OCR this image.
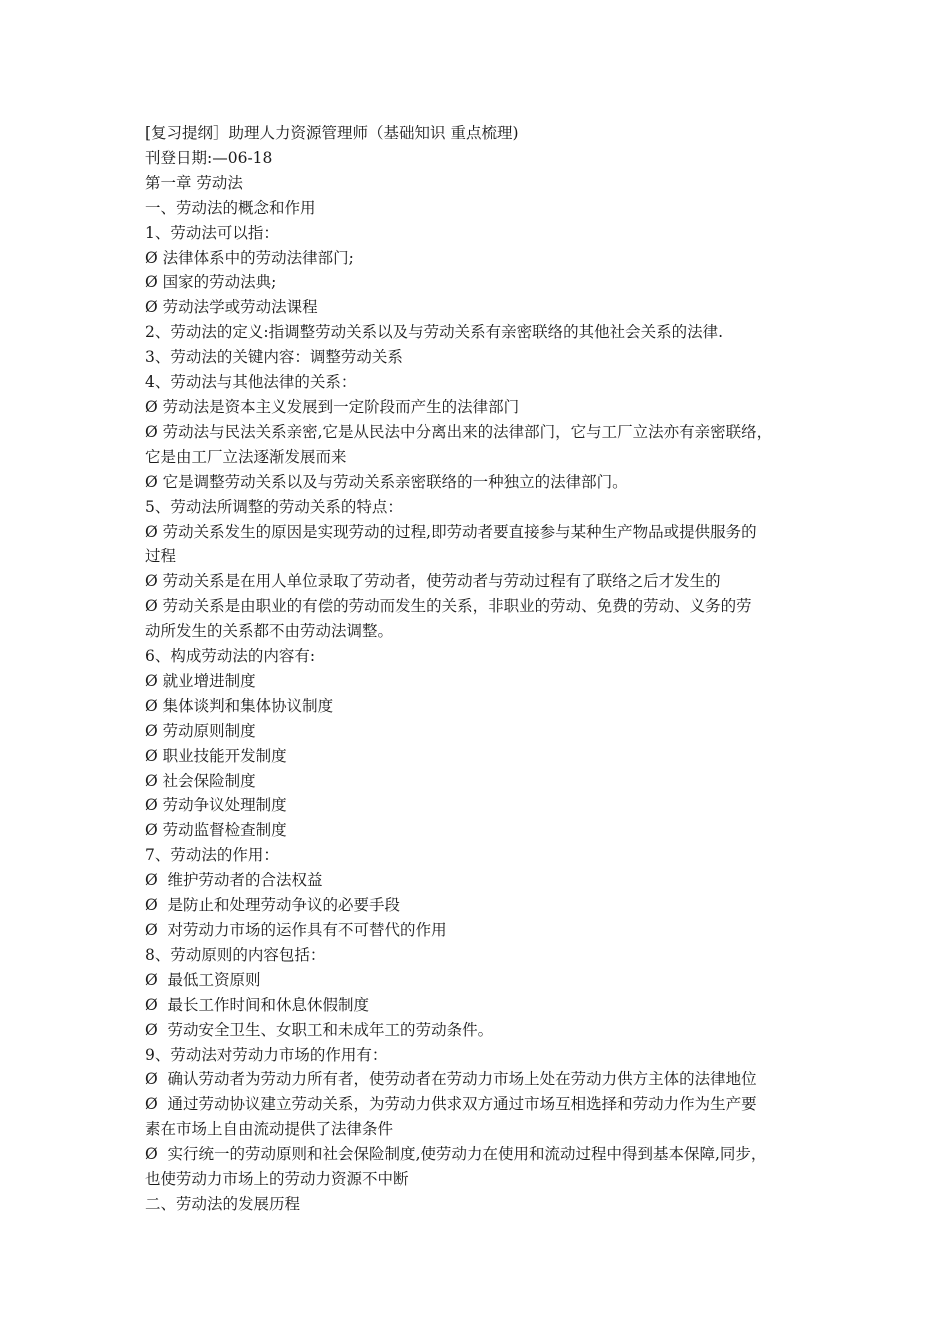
[复习提纲］助理人力资源管理师（基础知识 重点梳理)
刊登日期:—06-18
第一章 劳动法
一、劳动法的概念和作用
1、劳动法可以指：
Ø 法律体系中的劳动法律部门;
Ø 国家的劳动法典;
Ø 劳动法学或劳动法课程
2、劳动法的定义:指调整劳动关系以及与劳动关系有亲密联络的其他社会关系的法律.
3、劳动法的关键内容：调整劳动关系
4、劳动法与其他法律的关系：
Ø 劳动法是资本主义发展到一定阶段而产生的法律部门
Ø 劳动法与民法关系亲密,它是从民法中分离出来的法律部门，它与工厂立法亦有亲密联络，
它是由工厂立法逐渐发展而来
Ø 它是调整劳动关系以及与劳动关系亲密联络的一种独立的法律部门。
5、劳动法所调整的劳动关系的特点：
Ø 劳动关系发生的原因是实现劳动的过程,即劳动者要直接参与某种生产物品或提供服务的
过程
Ø 劳动关系是在用人单位录取了劳动者，使劳动者与劳动过程有了联络之后才发生的
Ø 劳动关系是由职业的有偿的劳动而发生的关系，非职业的劳动、免费的劳动、义务的劳
动所发生的关系都不由劳动法调整。
6、构成劳动法的内容有:
Ø 就业增进制度
Ø 集体谈判和集体协议制度
Ø 劳动原则制度
Ø 职业技能开发制度
Ø 社会保险制度
Ø 劳动争议处理制度
Ø 劳动监督检查制度
7、劳动法的作用：
Ø  维护劳动者的合法权益
Ø  是防止和处理劳动争议的必要手段
Ø  对劳动力市场的运作具有不可替代的作用
8、劳动原则的内容包括：
Ø  最低工资原则
Ø  最长工作时间和休息休假制度
Ø  劳动安全卫生、女职工和未成年工的劳动条件。
9、劳动法对劳动力市场的作用有：
Ø  确认劳动者为劳动力所有者，使劳动者在劳动力市场上处在劳动力供方主体的法律地位
Ø  通过劳动协议建立劳动关系，为劳动力供求双方通过市场互相选择和劳动力作为生产要
素在市场上自由流动提供了法律条件
Ø  实行统一的劳动原则和社会保险制度,使劳动力在使用和流动过程中得到基本保障,同步，
也使劳动力市场上的劳动力资源不中断
二、劳动法的发展历程
